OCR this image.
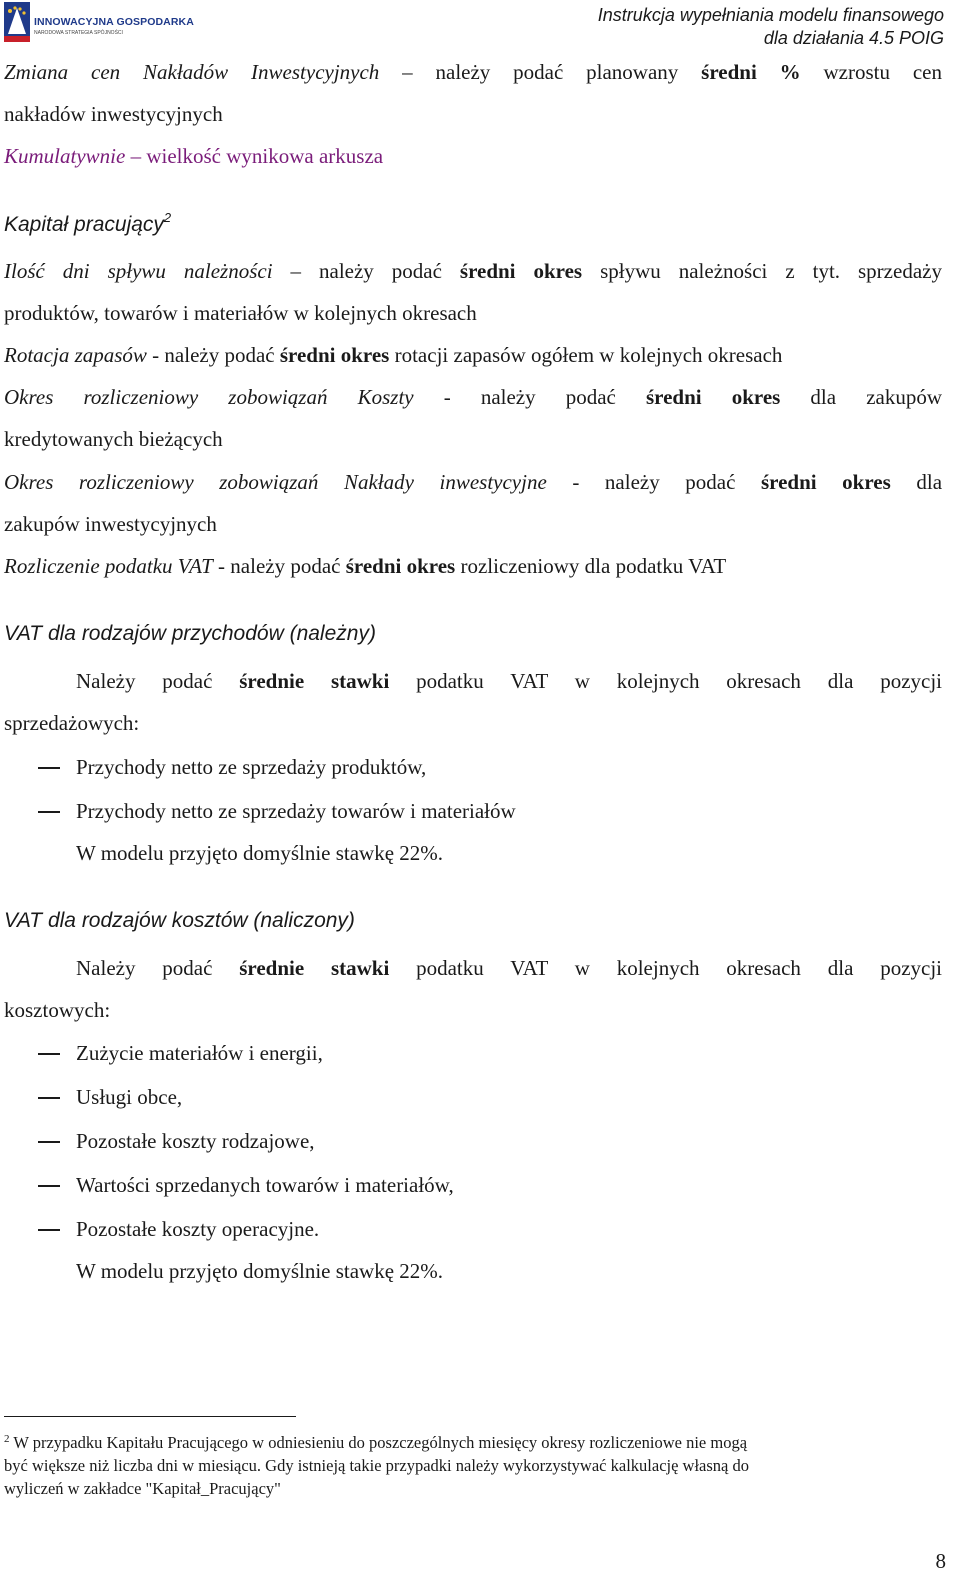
INNOWACYJNA GOSPODARKA
NARODOWA STRATEGIA SPÓJNOŚCI
Instrukcja wypełniania modelu finansowego
dla działania 4.5 POIG
Zmiana cen Nakładów Inwestycyjnych – należy podać planowany średni % wzrostu cen
nakładów inwestycyjnych
Kumulatywnie – wielkość wynikowa arkusza
Kapitał pracujący$^2$
Ilość dni spływu należności – należy podać średni okres spływu należności z tyt. sprzedaży
produktów, towarów i materiałów w kolejnych okresach
Rotacja zapasów - należy podać średni okres rotacji zapasów ogółem w kolejnych okresach
Okres rozliczeniowy zobowiązań Koszty - należy podać średni okres dla zakupów
kredytowanych bieżących
Okres rozliczeniowy zobowiązań Nakłady inwestycyjne - należy podać średni okres dla
zakupów inwestycyjnych
Rozliczenie podatku VAT - należy podać średni okres rozliczeniowy dla podatku VAT
VAT dla rodzajów przychodów (należny)
Należy podać średnie stawki podatku VAT w kolejnych okresach dla pozycji
sprzedażowych:
Przychody netto ze sprzedaży produktów,
Przychody netto ze sprzedaży towarów i materiałów
W modelu przyjęto domyślnie stawkę 22%.
VAT dla rodzajów kosztów (naliczony)
Należy podać średnie stawki podatku VAT w kolejnych okresach dla pozycji
kosztowych:
Zużycie materiałów i energii,
Usługi obce,
Pozostałe koszty rodzajowe,
Wartości sprzedanych towarów i materiałów,
Pozostałe koszty operacyjne.
W modelu przyjęto domyślnie stawkę 22%.
$^2$ W przypadku Kapitału Pracującego w odniesieniu do poszczególnych miesięcy okresy rozliczeniowe nie mogą
być większe niż liczba dni w miesiącu. Gdy istnieją takie przypadki należy wykorzystywać kalkulację własną do
wyliczeń w zakładce "Kapitał_Pracujący"
8
